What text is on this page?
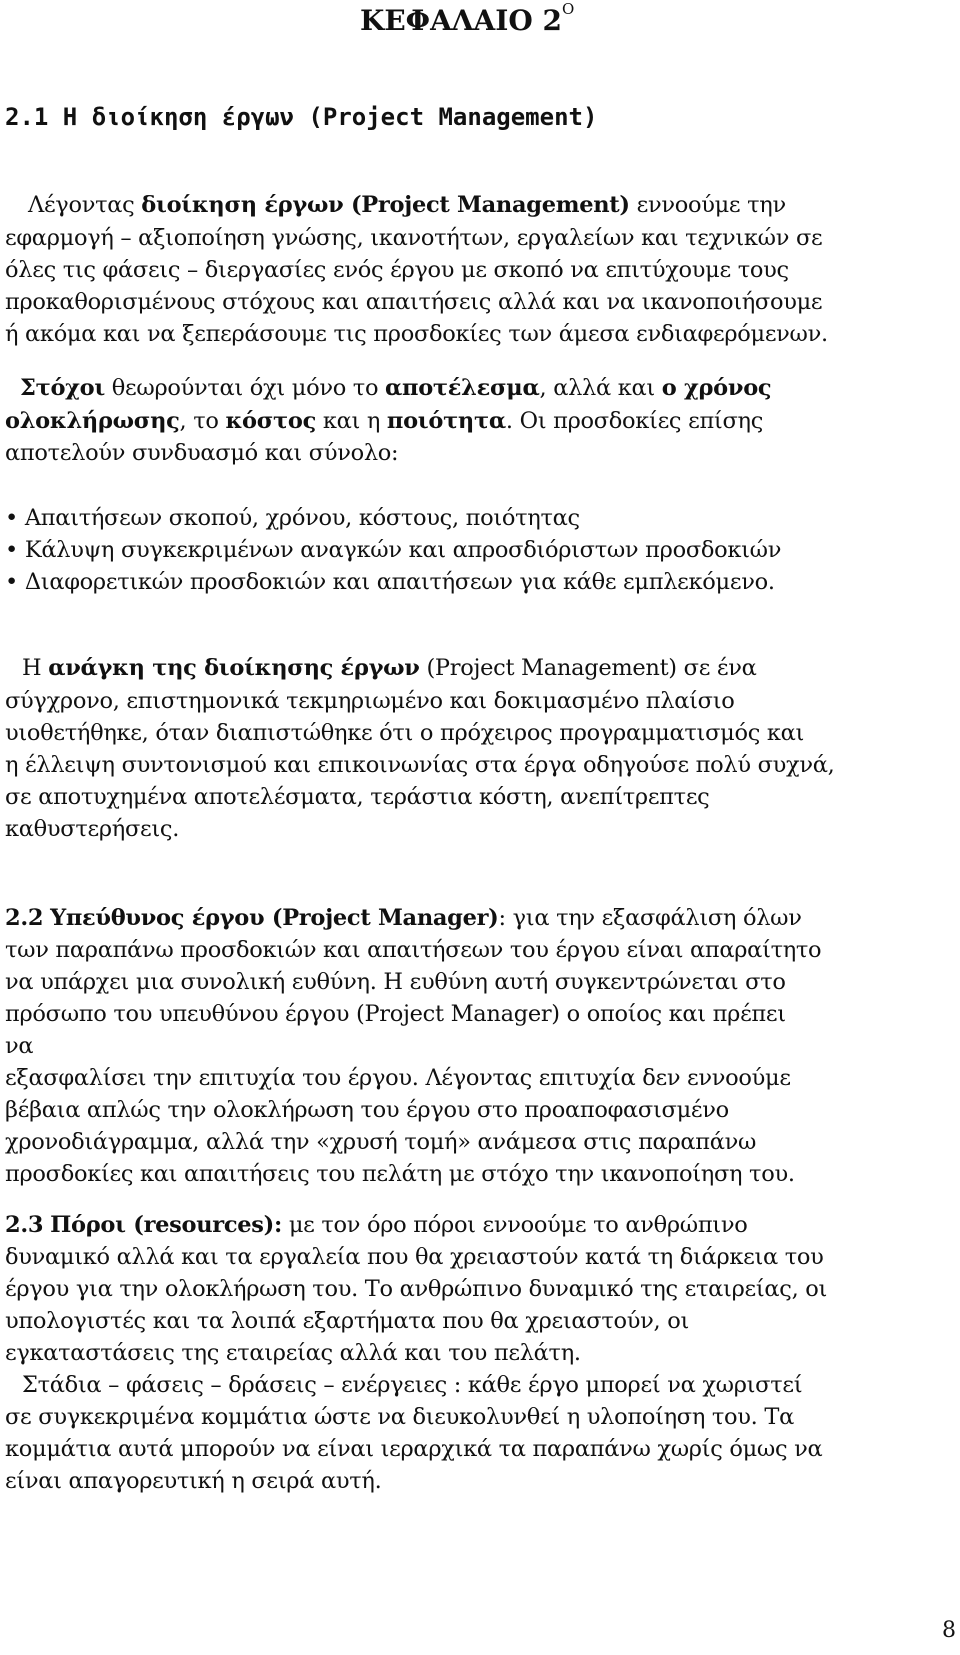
ΚΕΦΑΛΑΙΟ $2^O$
2.1 Η διοίκηση έργων (Project Management)
Λέγοντας διοίκηση έργων (Project Management) εννοούμε την
εφαρμογή – αξιοποίηση γνώσης, ικανοτήτων, εργαλείων και τεχνικών σε
όλες τις φάσεις – διεργασίες ενός έργου με σκοπό να επιτύχουμε τους
προκαθορισμένους στόχους και απαιτήσεις αλλά και να ικανοποιήσουμε
ή ακόμα και να ξεπεράσουμε τις προσδοκίες των άμεσα ενδιαφερόμενων.
Στόχοι θεωρούνται όχι μόνο το αποτέλεσμα, αλλά και ο χρόνος
ολοκλήρωσης, το κόστος και η ποιότητα. Οι προσδοκίες επίσης
αποτελούν συνδυασμό και σύνολο:
• Απαιτήσεων σκοπού, χρόνου, κόστους, ποιότητας
• Κάλυψη συγκεκριμένων αναγκών και απροσδιόριστων προσδοκιών
• Διαφορετικών προσδοκιών και απαιτήσεων για κάθε εμπλεκόμενο.
Η ανάγκη της διοίκησης έργων (Project Management) σε ένα
σύγχρονο, επιστημονικά τεκμηριωμένο και δοκιμασμένο πλαίσιο
υιοθετήθηκε, όταν διαπιστώθηκε ότι ο πρόχειρος προγραμματισμός και
η έλλειψη συντονισμού και επικοινωνίας στα έργα οδηγούσε πολύ συχνά,
σε αποτυχημένα αποτελέσματα, τεράστια κόστη, ανεπίτρεπτες
καθυστερήσεις.
2.2 Υπεύθυνος έργου (Project Manager): για την εξασφάλιση όλων
των παραπάνω προσδοκιών και απαιτήσεων του έργου είναι απαραίτητο
να υπάρχει μια συνολική ευθύνη. Η ευθύνη αυτή συγκεντρώνεται στο
πρόσωπο του υπευθύνου έργου (Project Manager) ο οποίος και πρέπει
να
εξασφαλίσει την επιτυχία του έργου. Λέγοντας επιτυχία δεν εννοούμε
βέβαια απλώς την ολοκλήρωση του έργου στο προαποφασισμένο
χρονοδιάγραμμα, αλλά την «χρυσή τομή» ανάμεσα στις παραπάνω
προσδοκίες και απαιτήσεις του πελάτη με στόχο την ικανοποίηση του.
2.3 Πόροι (resources): με τον όρο πόροι εννοούμε το ανθρώπινο
δυναμικό αλλά και τα εργαλεία που θα χρειαστούν κατά τη διάρκεια του
έργου για την ολοκλήρωση του. Το ανθρώπινο δυναμικό της εταιρείας, οι
υπολογιστές και τα λοιπά εξαρτήματα που θα χρειαστούν, οι
εγκαταστάσεις της εταιρείας αλλά και του πελάτη.
Στάδια – φάσεις – δράσεις – ενέργειες : κάθε έργο μπορεί να χωριστεί
σε συγκεκριμένα κομμάτια ώστε να διευκολυνθεί η υλοποίηση του. Τα
κομμάτια αυτά μπορούν να είναι ιεραρχικά τα παραπάνω χωρίς όμως να
είναι απαγορευτική η σειρά αυτή.
8
